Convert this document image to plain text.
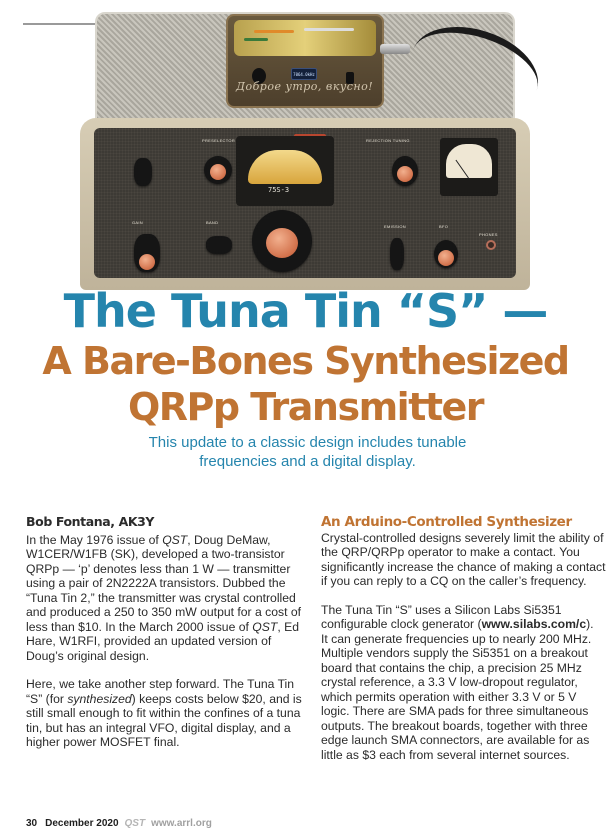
PRESELECTOR	REJECTION TUNING
GAIN	BAND
EMISSION	BFO
PHONES
75S-3
7064.0kHz
Доброе утро, вкусно!
The Tuna Tin “S” —
A Bare-Bones Synthesized
QRPp Transmitter

This update to a classic design includes tunable frequencies and a digital display.

Bob Fontana, AK3Y

In the May 1976 issue of QST, Doug DeMaw, W1CER/W1FB (SK), developed a two-transistor QRPp — ‘p’ denotes less than 1 W — transmitter using a pair of 2N2222A transistors. Dubbed the “Tuna Tin 2,” the transmitter was crystal controlled and produced a 250 to 350 mW output for a cost of less than $10. In the March 2000 issue of QST, Ed Hare, W1RFI, provided an updated version of Doug’s original design.

Here, we take another step forward. The Tuna Tin “S” (for synthesized) keeps costs below $20, and is still small enough to fit within the confines of a tuna tin, but has an integral VFO, digital display, and a higher power MOSFET final.

An Arduino-Controlled Synthesizer

Crystal-controlled designs severely limit the ability of the QRP/QRPp operator to make a contact. You significantly increase the chance of making a contact if you can reply to a CQ on the caller’s frequency.

The Tuna Tin “S” uses a Silicon Labs Si5351 configurable clock generator (www.silabs.com/c).

It can generate frequencies up to nearly 200 MHz. Multiple vendors supply the Si5351 on a breakout board that contains the chip, a precision 25 MHz crystal reference, a 3.3 V low-dropout regulator, which permits operation with either 3.3 V or 5 V logic. There are SMA pads for three simultaneous outputs. The breakout boards, together with three edge launch SMA connectors, are available for as little as $3 each from several internet sources.

30 December 2020 QST www.arrl.org
